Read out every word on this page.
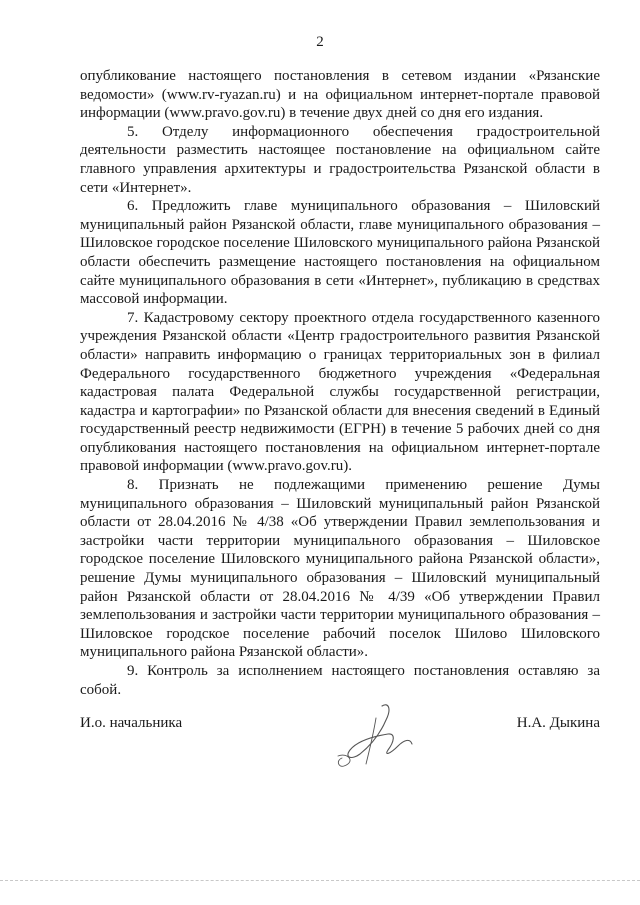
2

опубликование настоящего постановления в сетевом издании «Рязанские ведомости» (www.rv-ryazan.ru) и на официальном интернет-портале правовой информации (www.pravo.gov.ru) в течение двух дней со дня его издания.

5. Отделу информационного обеспечения градостроительной деятельности разместить настоящее постановление на официальном сайте главного управления архитектуры и градостроительства Рязанской области в сети «Интернет».

6. Предложить главе муниципального образования – Шиловский муниципальный район Рязанской области, главе муниципального образования – Шиловское городское поселение Шиловского муниципального района Рязанской области обеспечить размещение настоящего постановления на официальном сайте муниципального образования в сети «Интернет», публикацию в средствах массовой информации.

7. Кадастровому сектору проектного отдела государственного казенного учреждения Рязанской области «Центр градостроительного развития Рязанской области» направить информацию о границах территориальных зон в филиал Федерального государственного бюджетного учреждения «Федеральная кадастровая палата Федеральной службы государственной регистрации, кадастра и картографии» по Рязанской области для внесения сведений в Единый государственный реестр недвижимости (ЕГРН) в течение 5 рабочих дней со дня опубликования настоящего постановления на официальном интернет-портале правовой информации (www.pravo.gov.ru).

8. Признать не подлежащими применению решение Думы муниципального образования – Шиловский муниципальный район Рязанской области от 28.04.2016 № 4/38 «Об утверждении Правил землепользования и застройки части территории муниципального образования – Шиловское городское поселение Шиловского муниципального района Рязанской области», решение Думы муниципального образования – Шиловский муниципальный район Рязанской области от 28.04.2016 № 4/39 «Об утверждении Правил землепользования и застройки части территории муниципального образования – Шиловское городское поселение рабочий поселок Шилово Шиловского муниципального района Рязанской области».

9. Контроль за исполнением настоящего постановления оставляю за собой.

И.о. начальника	Н.А. Дыкина
